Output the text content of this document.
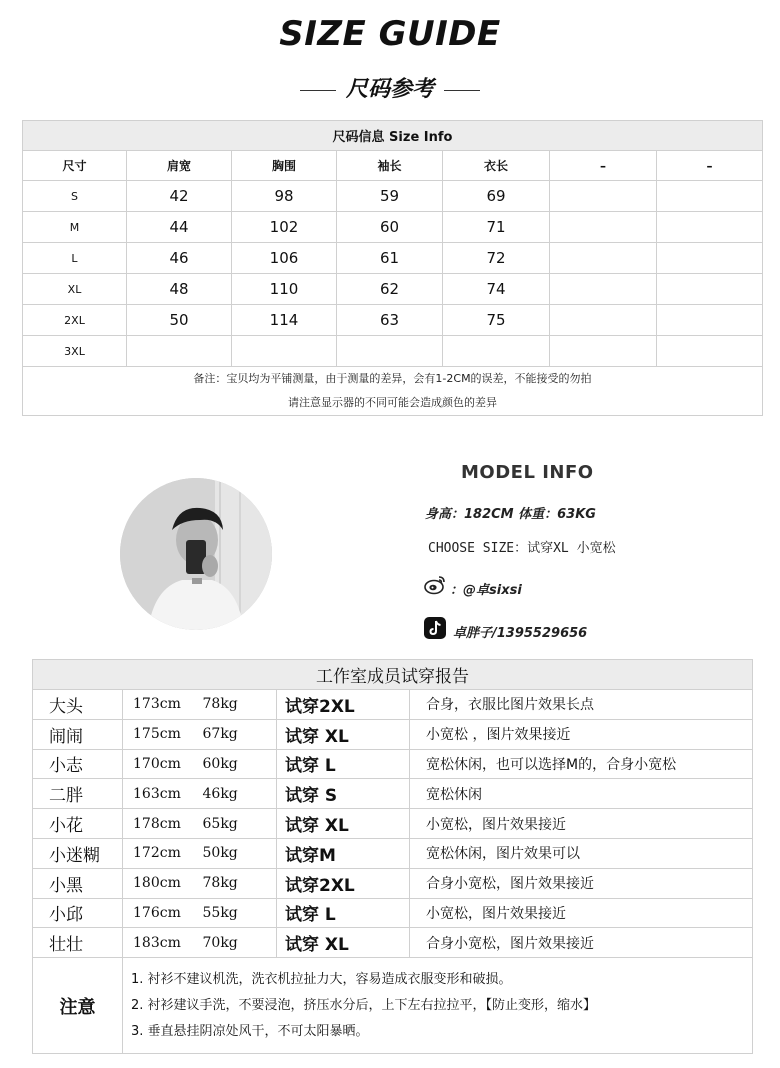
SIZE GUIDE
尺码参考
尺码信息 Size Info						
尺寸	肩宽	胸围	袖长	衣长	–	–
S	42	98	59	69		
M	44	102	60	71		
L	46	106	61	72		
XL	48	110	62	74		
2XL	50	114	63	75		
3XL						

备注：宝贝均为平铺测量，由于测量的差异，会有1-2CM的误差，不能接受的勿拍
请注意显示器的不同可能会造成颜色的差异						
MODEL INFO
身高：182CM 体重：63KG
CHOOSE SIZE：试穿XL 小宽松
：@卓sixsi
卓胖子/1395529656
工作室成员试穿报告				
大头	173cm	78kg	试穿2XL	合身，衣服比图片效果长点
闹闹	175cm	67kg	试穿 XL	小宽松 ，图片效果接近
小志	170cm	60kg	试穿 L	宽松休闲，也可以选择M的，合身小宽松
二胖	163cm	46kg	试穿 S	宽松休闲
小花	178cm	65kg	试穿 XL	小宽松，图片效果接近
小迷糊	172cm	50kg	试穿M	宽松休闲，图片效果可以
小黑	180cm	78kg	试穿2XL	合身小宽松，图片效果接近
小邱	176cm	55kg	试穿 L	小宽松，图片效果接近
壮壮	183cm	70kg	试穿 XL	合身小宽松，图片效果接近
注意	1. 衬衫不建议机洗，洗衣机拉扯力大，容易造成衣服变形和破损。
2. 衬衫建议手洗，不要浸泡，挤压水分后，上下左右拉拉平，【防止变形，缩水】
3. 垂直悬挂阴凉处风干，不可太阳暴晒。			
